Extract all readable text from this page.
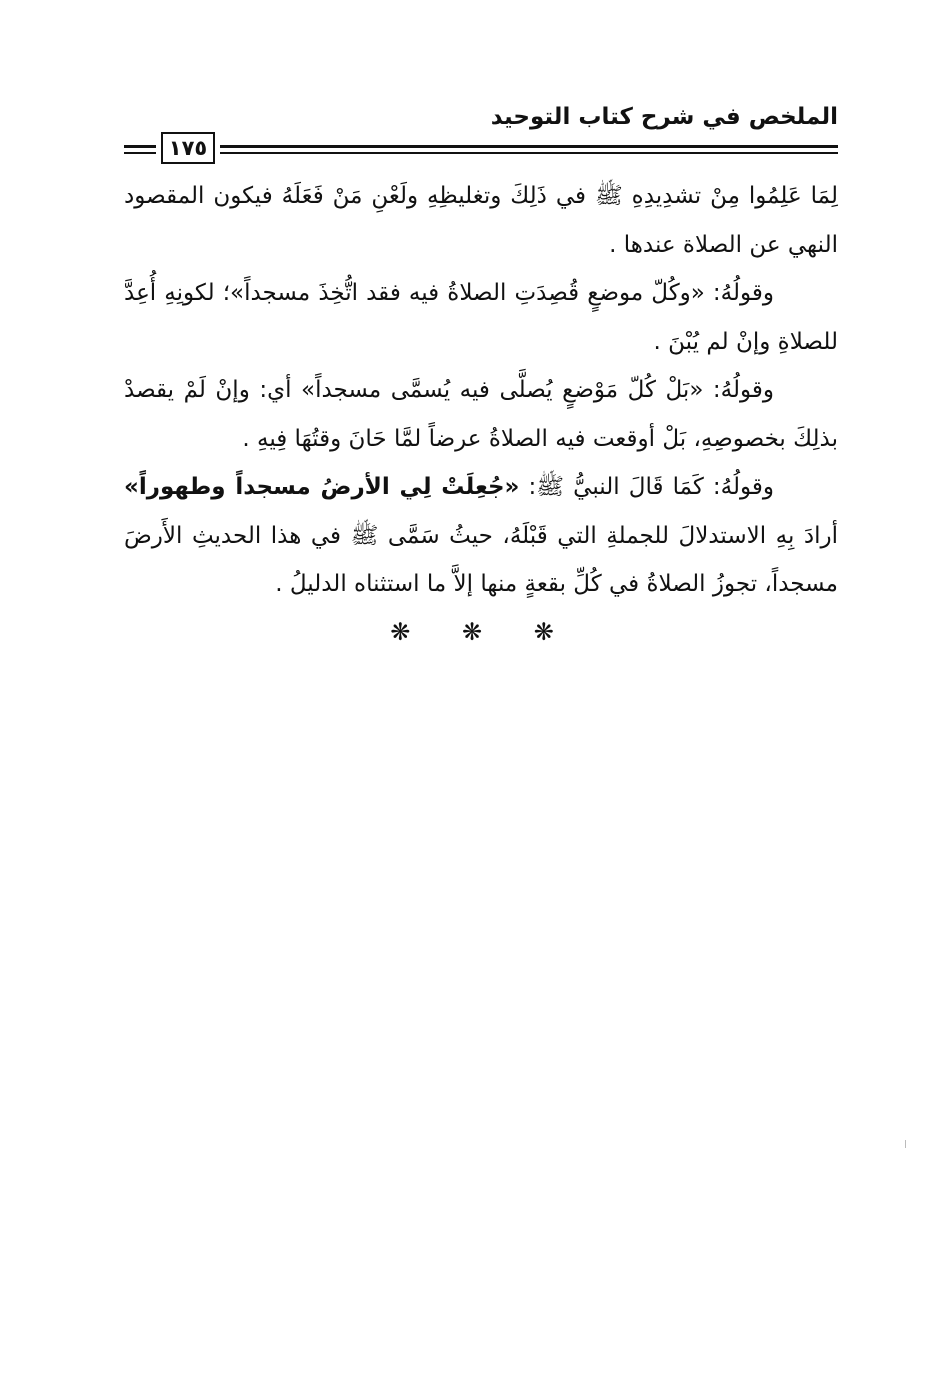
الملخص في شرح كتاب التوحيد
١٧٥

لِمَا عَلِمُوا مِنْ تشدِيدِهِ ﷺ في ذَلِكَ وتغليظِهِ ولَعْنِ مَنْ فَعَلَهُ فيكون المقصود النهي عن الصلاة عندها .

وقولُهُ: «وكُلّ موضعٍ قُصِدَتِ الصلاةُ فيه فقد اتُّخِذَ مسجداً»؛ لكونِهِ أُعِدَّ للصلاةِ وإنْ لم يُبْنَ .

وقولُهُ: «بَلْ كُلّ مَوْضعٍ يُصلَّى فيه يُسمَّى مسجداً» أي: وإنْ لَمْ يقصدْ بذلِكَ بخصوصِهِ، بَلْ أوقعت فيه الصلاةُ عرضاً لمَّا حَانَ وقتُهَا فِيهِ .

وقولُهُ: كَمَا قَالَ النبيُّ ﷺ: «جُعِلَتْ لِي الأرضُ مسجداً وطهوراً» أرادَ بِهِ الاستدلالَ للجملةِ التي قَبْلَهُ، حيثُ سَمَّى ﷺ في هذا الحديثِ الأَرضَ مسجداً، تجوزُ الصلاةُ في كُلِّ بقعةٍ منها إلاَّ ما استثناه الدليلُ .

❋ ❋ ❋
